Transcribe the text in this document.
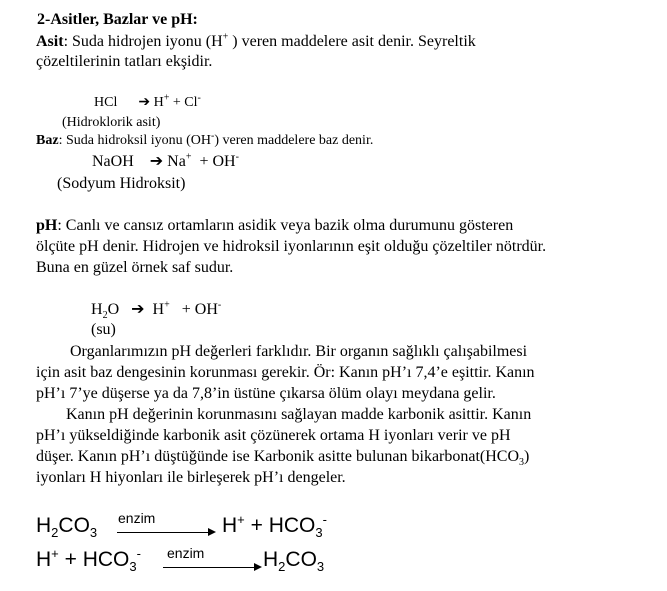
2-Asitler, Bazlar ve pH:
Asit: Suda hidrojen iyonu (H+ ) veren maddelere asit denir. Seyreltik
çözeltilerinin tatları ekşidir.
HCl ➔ H+ + Cl-
(Hidroklorik asit)
Baz: Suda hidroksil iyonu (OH-) veren maddelere baz denir.
NaOH ➔ Na+ + OH-
(Sodyum Hidroksit)
pH: Canlı ve cansız ortamların asidik veya bazik olma durumunu gösteren
ölçüte pH denir. Hidrojen ve hidroksil iyonlarının eşit olduğu çözeltiler nötrdür.
Buna en güzel örnek saf sudur.
$H_2O$ ➔ H+ + OH-
(su)
Organlarımızın pH değerleri farklıdır. Bir organın sağlıklı çalışabilmesi
için asit baz dengesinin korunması gerekir. Ör: Kanın pH’ı 7,4’e eşittir. Kanın
pH’ı 7’ye düşerse ya da 7,8’in üstüne çıkarsa ölüm olayı meydana gelir.
Kanın pH değerinin korunmasını sağlayan madde karbonik asittir. Kanın
pH’ı yükseldiğinde karbonik asit çözünerek ortama H iyonları verir ve pH
düşer. Kanın pH’ı düştüğünde ise Karbonik asitte bulunan $bikarbonat(HCO_3)$
iyonları H hiyonları ile birleşerek pH’ı dengeler.
$H_2CO_3$
enzim	$H^+ + HCO_3^-$
$H^+ + HCO_3^-$ enzim	$H_2CO_3$
